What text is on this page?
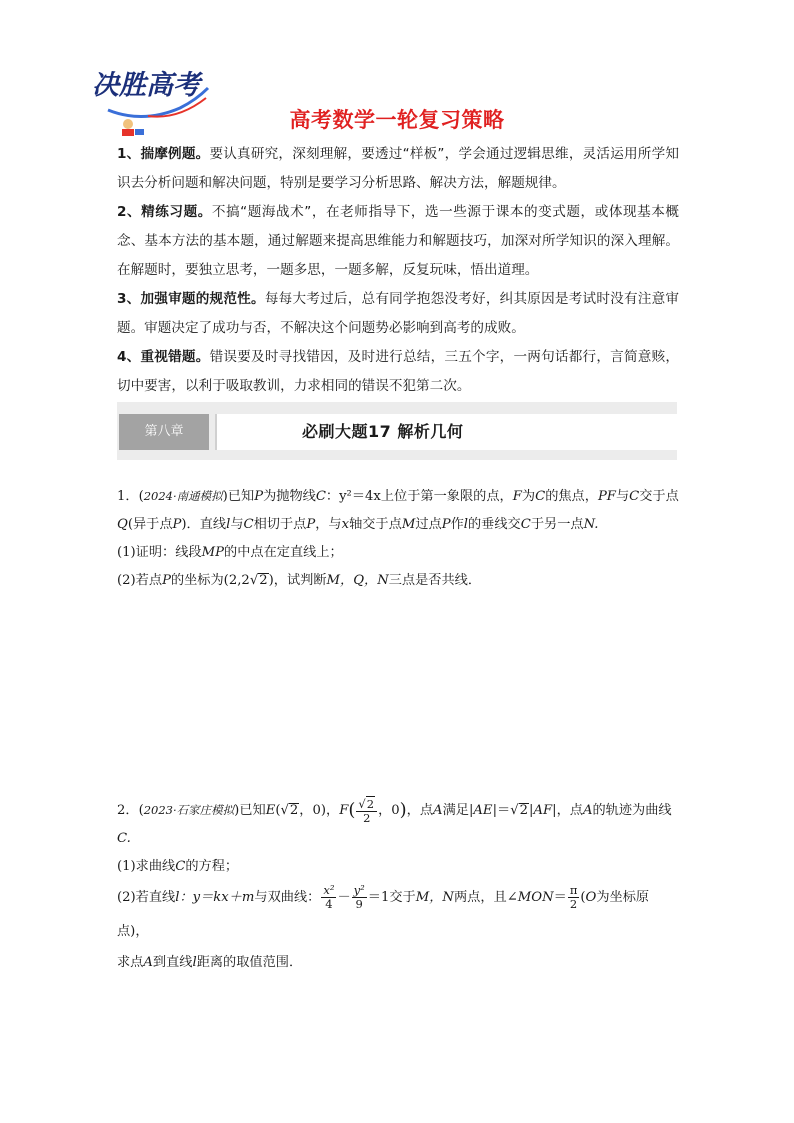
决胜高考
高考数学一轮复习策略

1、揣摩例题。要认真研究，深刻理解，要透过“样板”，学会通过逻辑思维，灵活运用所学知识去分析问题和解决问题，特别是要学习分析思路、解决方法，解题规律。

2、精练习题。不搞“题海战术”，在老师指导下，选一些源于课本的变式题，或体现基本概念、基本方法的基本题，通过解题来提高思维能力和解题技巧，加深对所学知识的深入理解。在解题时，要独立思考，一题多思，一题多解，反复玩味，悟出道理。

3、加强审题的规范性。每每大考过后，总有同学抱怨没考好，纠其原因是考试时没有注意审题。审题决定了成功与否，不解决这个问题势必影响到高考的成败。

4、重视错题。错误要及时寻找错因，及时进行总结，三五个字，一两句话都行，言简意赅，切中要害，以利于吸取教训，力求相同的错误不犯第二次。

第八章	必刷大题17 解析几何

1．(2024·南通模拟)已知P为抛物线C：y²＝4x上位于第一象限的点，F为C的焦点，PF与C交于点Q(异于点P)．直线l与C相切于点P，与x轴交于点M过点P作l的垂线交C于另一点N.

(1)证明：线段MP的中点在定直线上；

(2)若点P的坐标为(2,2√2)，试判断M，Q，N三点是否共线．

2．(2023·石家庄模拟)已知E(√2，0)，$F( \frac{√2}{2}$ ，0)，点A满足|AE|＝√2|AF|，点A的轨迹为曲线C.

(1)求曲线C的方程；

(2)若直线l：y＝kx＋m与双曲线： $\frac{\text{x²}}{4} - \frac{\text{y²}}{9} =1$交于M，N两点，且∠MON＝ $\frac{\pi}{2} (O$为坐标原点)，

求点A到直线l距离的取值范围．
